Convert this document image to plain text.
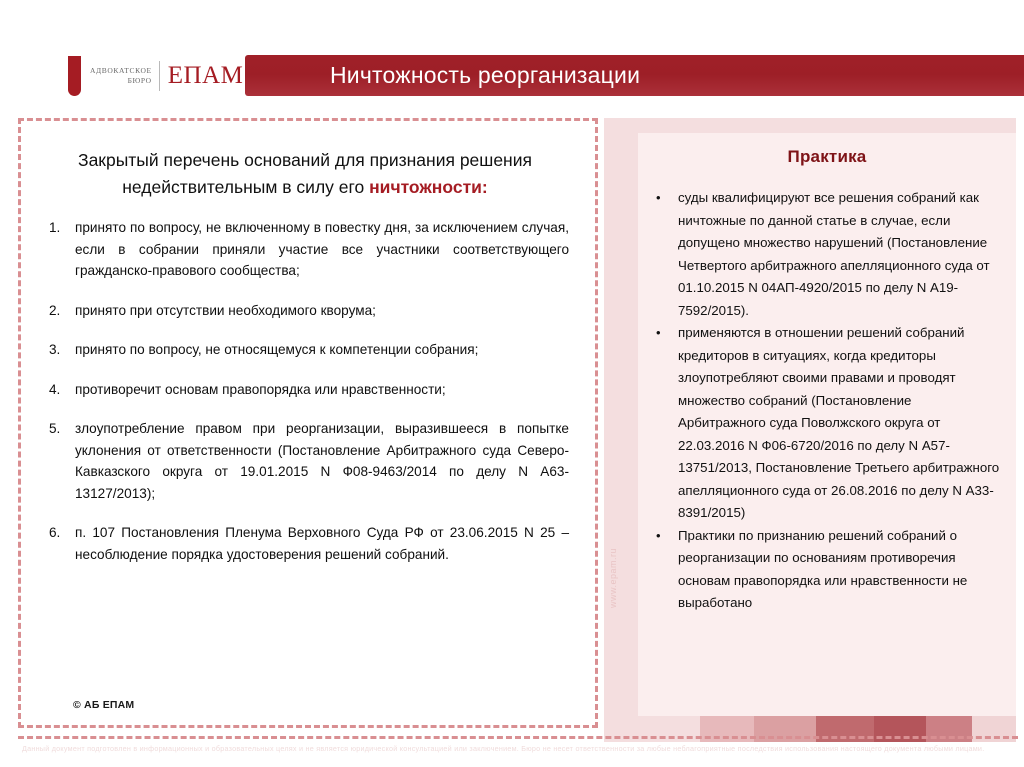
АДВОКАТСКОЕ
БЮРО ЕПАМ	Ничтожность реорганизации
Закрытый перечень оснований для признания решения недействительным в силу его ничтожности:
1.	принято по вопросу, не включенному в повестку дня, за исключением случая, если в собрании приняли участие все участники соответствующего гражданско-правового сообщества;
2.	принято при отсутствии необходимого кворума;
3.	принято по вопросу, не относящемуся к компетенции собрания;
4.	противоречит основам правопорядка или нравственности;
5.	злоупотребление правом при реорганизации, выразившееся в попытке уклонения от ответственности (Постановление Арбитражного суда Северо-Кавказского округа от 19.01.2015 N Ф08-9463/2014 по делу N А63-13127/2013);
6.	п. 107 Постановления Пленума Верховного Суда РФ от 23.06.2015 N 25 – несоблюдение порядка удостоверения решений собраний.
© АБ ЕПАМ
www.epam.ru
Практика
•	суды квалифицируют все решения собраний как ничтожные по данной статье в случае, если допущено множество нарушений (Постановление Четвертого арбитражного апелляционного суда от 01.10.2015 N 04АП-4920/2015 по делу N А19-7592/2015).
•	применяются в отношении решений собраний кредиторов в ситуациях, когда кредиторы злоупотребляют своими правами и проводят множество собраний (Постановление Арбитражного суда Поволжского округа от 22.03.2016 N Ф06-6720/2016 по делу N А57-13751/2013, Постановление Третьего арбитражного апелляционного суда от 26.08.2016 по делу N А33-8391/2015)
•	Практики по признанию решений собраний о реорганизации по основаниям противоречия основам правопорядка или нравственности не выработано
Данный документ подготовлен в информационных и образовательных целях и не является юридической консультацией или заключением. Бюро не несет ответственности за любые неблагоприятные последствия использования настоящего документа любыми лицами.
